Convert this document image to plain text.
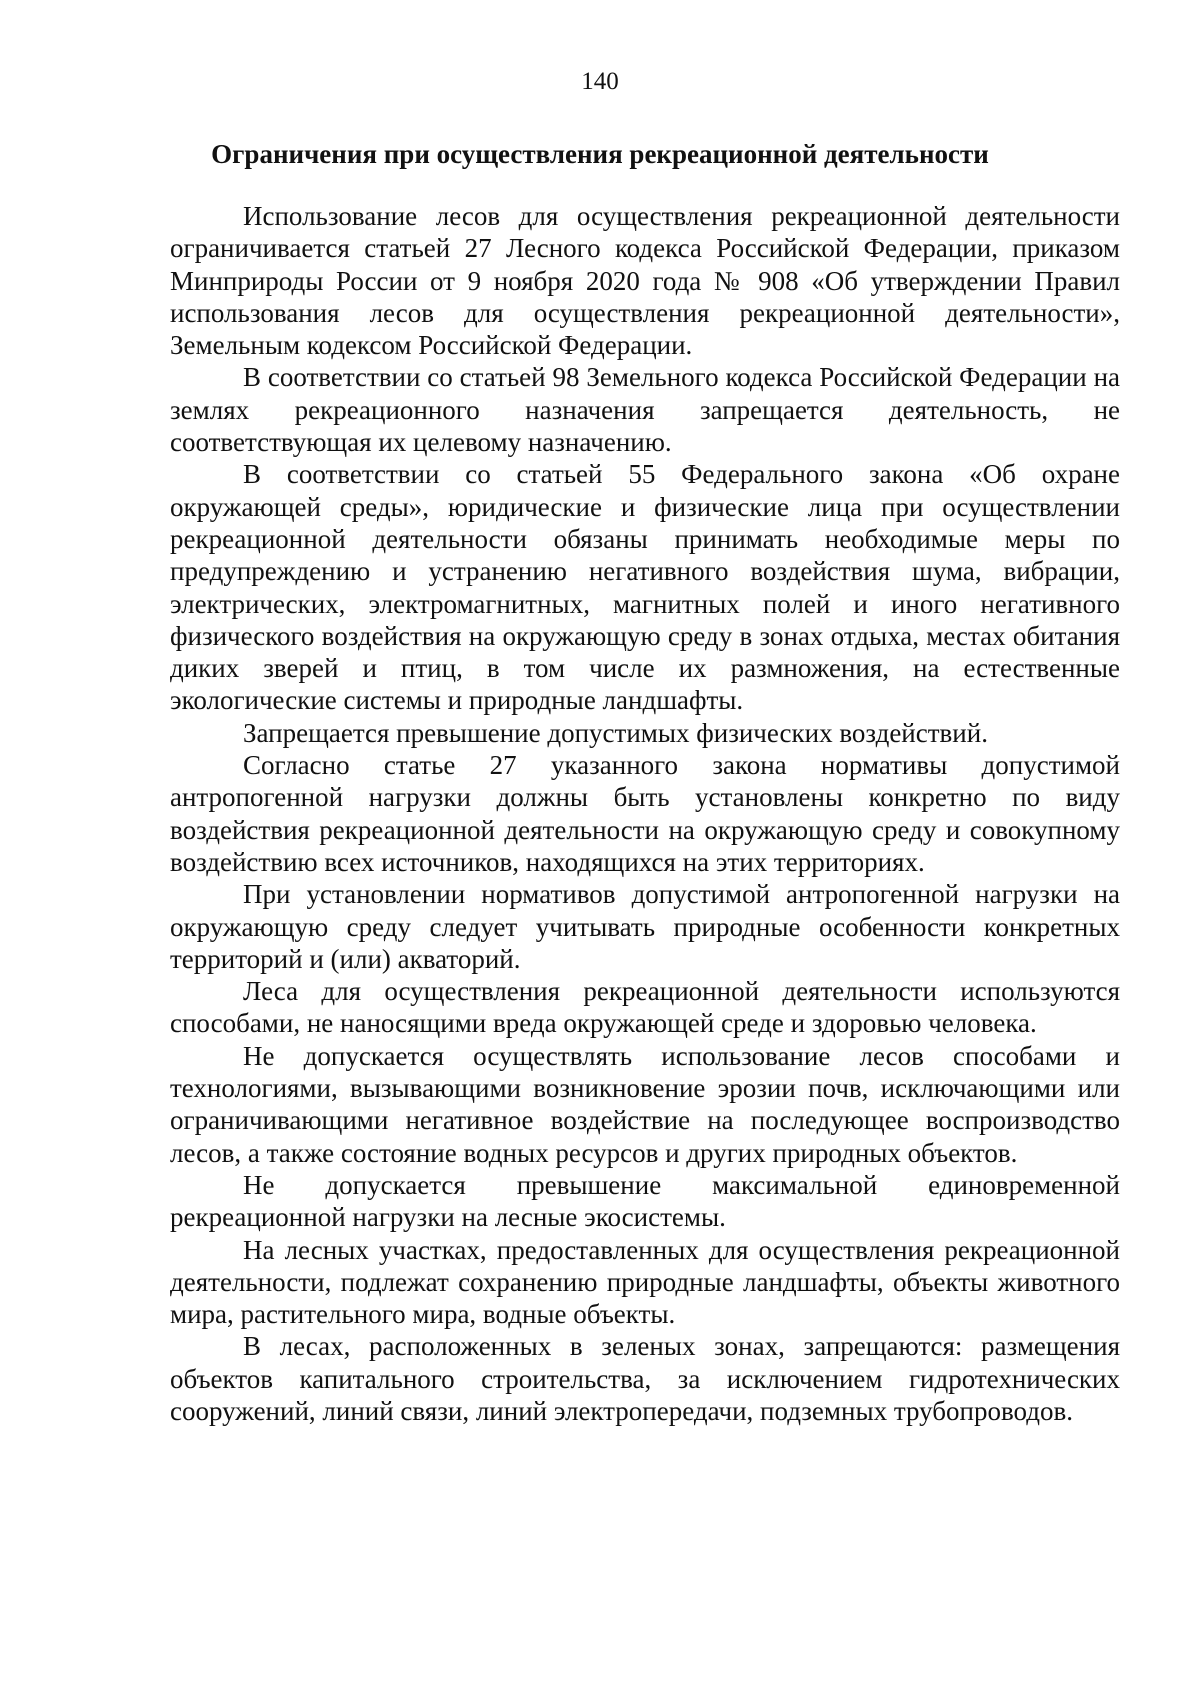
140
Ограничения при осуществления рекреационной деятельности

Использование лесов для осуществления рекреационной деятельности ограничивается статьей 27 Лесного кодекса Российской Федерации, приказом Минприроды России от 9 ноября 2020 года № 908 «Об утверждении Правил использования лесов для осуществления рекреационной деятельности», Земельным кодексом Российской Федерации.

В соответствии со статьей 98 Земельного кодекса Российской Федерации на землях рекреационного назначения запрещается деятельность, не соответствующая их целевому назначению.

В соответствии со статьей 55 Федерального закона «Об охране окружающей среды», юридические и физические лица при осуществлении рекреационной деятельности обязаны принимать необходимые меры по предупреждению и устранению негативного воздействия шума, вибрации, электрических, электромагнитных, магнитных полей и иного негативного физического воздействия на окружающую среду в зонах отдыха, местах обитания диких зверей и птиц, в том числе их размножения, на естественные экологические системы и природные ландшафты.

Запрещается превышение допустимых физических воздействий.

Согласно статье 27 указанного закона нормативы допустимой антропогенной нагрузки должны быть установлены конкретно по виду воздействия рекреационной деятельности на окружающую среду и совокупному воздействию всех источников, находящихся на этих территориях.

При установлении нормативов допустимой антропогенной нагрузки на окружающую среду следует учитывать природные особенности конкретных территорий и (или) акваторий.

Леса для осуществления рекреационной деятельности используются способами, не наносящими вреда окружающей среде и здоровью человека.

Не допускается осуществлять использование лесов способами и технологиями, вызывающими возникновение эрозии почв, исключающими или ограничивающими негативное воздействие на последующее воспроизводство лесов, а также состояние водных ресурсов и других природных объектов.

Не допускается превышение максимальной единовременной рекреационной нагрузки на лесные экосистемы.

На лесных участках, предоставленных для осуществления рекреационной деятельности, подлежат сохранению природные ландшафты, объекты животного мира, растительного мира, водные объекты.

В лесах, расположенных в зеленых зонах, запрещаются: размещения объектов капитального строительства, за исключением гидротехнических сооружений, линий связи, линий электропередачи, подземных трубопроводов.
